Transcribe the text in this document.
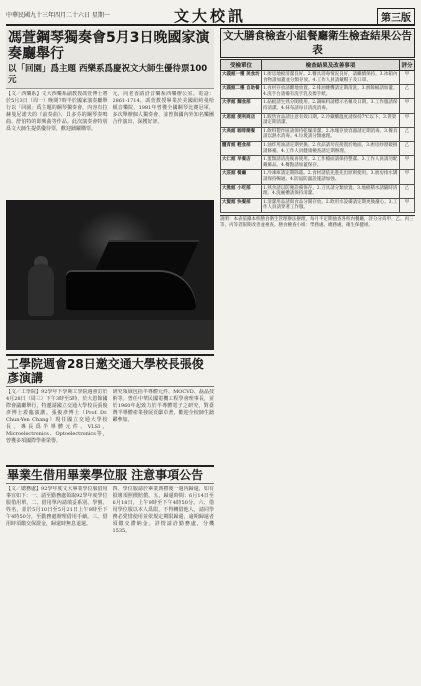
中華民國九十三年四月二十六日 星期一	文大校訊	第三版
馮萱鋼琴獨奏會5月3日晚國家演奏廳舉行
以「回園」爲主題 西樂系爲慶祝文大師生優待票100元
【文／西樂系】文大西樂系副教授馮萱博士將於5月3日（周一）晚間7時半於國家演奏廳舉行以「回園」爲主題的鋼琴獨奏會，內容有拉赫曼尼諾夫的《前奏曲》、貝多芬的鋼琴奏鳴曲、舒伯特的即興曲等作品。此次演奏會特別爲文大師生提供優待票，歡迎踴躍購票。
元，向老香請洽音樂系西樂辦公室。電話：2861-1714。馮萱教授畢業於美國紐約曼哈頓音樂院，1981年曾獲全國鋼琴比賽冠軍，多次舉辦個人獨奏會，並曾與國內外知名樂團合作演出，深獲好評。
工學院週會28日邀交通大學校長張俊彥演講
【文／工學院】92學年下學期工學院週會訂於4月28日（周三）下午3時至5時，於大恩館國際會議廳舉行，特邀請國立交通大學校長張俊彥博士蒞臨演講。張俊彥博士（Prof. Dr. Chun-Yen Chang）現任國立交通大學校長，專長爲半導體元件、VLSI、Microelectronics、Optoelectronics等，曾獲多項國際學術榮譽。
研究領域包括半導體元件、MOCVD、磊晶技術等。曾任中華民國電機工程學會理事長，並於1960年起致力於半導體電子之研究，對臺灣半導體產業發展貢獻卓著，歡迎全校師生踴躍參加。
畢業生借用畢業學位服 注意事項公告
【文／總務處】92學年度文大畢業學位服借用事宜如下：一、請至勤務處領取92學年度學位服借用單。二、借用單內請填妥系別、學號、姓名，並於5月10日至5月21日上午9時至下午4時50分，至勤務處辦理借用手續。三、借用時須繳交保證金，歸還時無息退還。
四、學位服請於畢業典禮後一週內歸還，如有損壞須照價賠償。五、歸還時間：6月14日至6月18日，上午9時至下午4時50分。六、借用學位服以本人爲限，不得轉借他人，請同學務必愛惜使用並依規定期限歸還，逾期歸還者須繳交滯納金。詳情請洽勤務處，分機1535。
文大膳食檢查小組餐廳衛生檢查結果公告表
受檢單位	檢查結果及改善事項	評分
大義館一樓 美食坊	1.廚房地板清潔良好。2.餐具消毒情況良好，請繼續保持。3.冰箱內食物請加蓋並分類存放。4.工作人員請戴帽子及口罩。	甲
大義館二樓 自助餐	1.食材存放請離地放置。2.排油煙機請定期清洗。3.廚餘桶請加蓋。4.洗手台請備有洗手乳及擦手紙。	乙
大孝館 麵食部	1.砧板請生熟分開使用。2.調味料請標示名稱及日期。3.工作服請保持清潔。4.抹布請每日清洗消毒。	甲
大恩館 便利商店	1.販售食品請注意有效日期。2.冷藏櫃溫度請保持7℃以下。3.貨架請定期清潔。	甲
大典館 咖啡簡餐	1.飲料製作區請保持乾燥清潔。2.冰塊存放容器請定期消毒。3.餐具請以熱水消毒。4.垃圾請分類處理。	乙
體育館 輕食部	1.油炸用油請定期更換。2.食品請勿直接置於地面。3.廚房紗窗破損請修補。4.工作人員健康檢查請定期辦理。	乙
大仁館 早餐店	1.蛋類請清洗後再使用。2.工作檯面請保持整潔。3.工作人員請勿配戴飾品。4.餐點請加蓋保存。	甲
大莊館 餐廳	1.冷凍庫請定期除霜。2.食材請依先進先出原則使用。3.廚房排水溝請保持暢通。4.防鼠防蟲設施請加強。	甲
大雅館 小吃部	1.熟食請以防塵設備保存。2.刀具請分類放置。3.地板積水請隨時清理。4.洗碗槽請保持清潔。	乙
大賢館 快餐部	1.清潔用品請與食品分開存放。2.飲用水設備請定期更換濾心。3.工作人員請穿著工作服。	甲
說明：本表依據本校膳食衛生管理辦法辦理，每月不定期抽查各校內餐廳，評分分爲甲、乙、丙三等，丙等者限期改善並複查。膳食檢查小組：學務處、總務處、衛生保健組。
